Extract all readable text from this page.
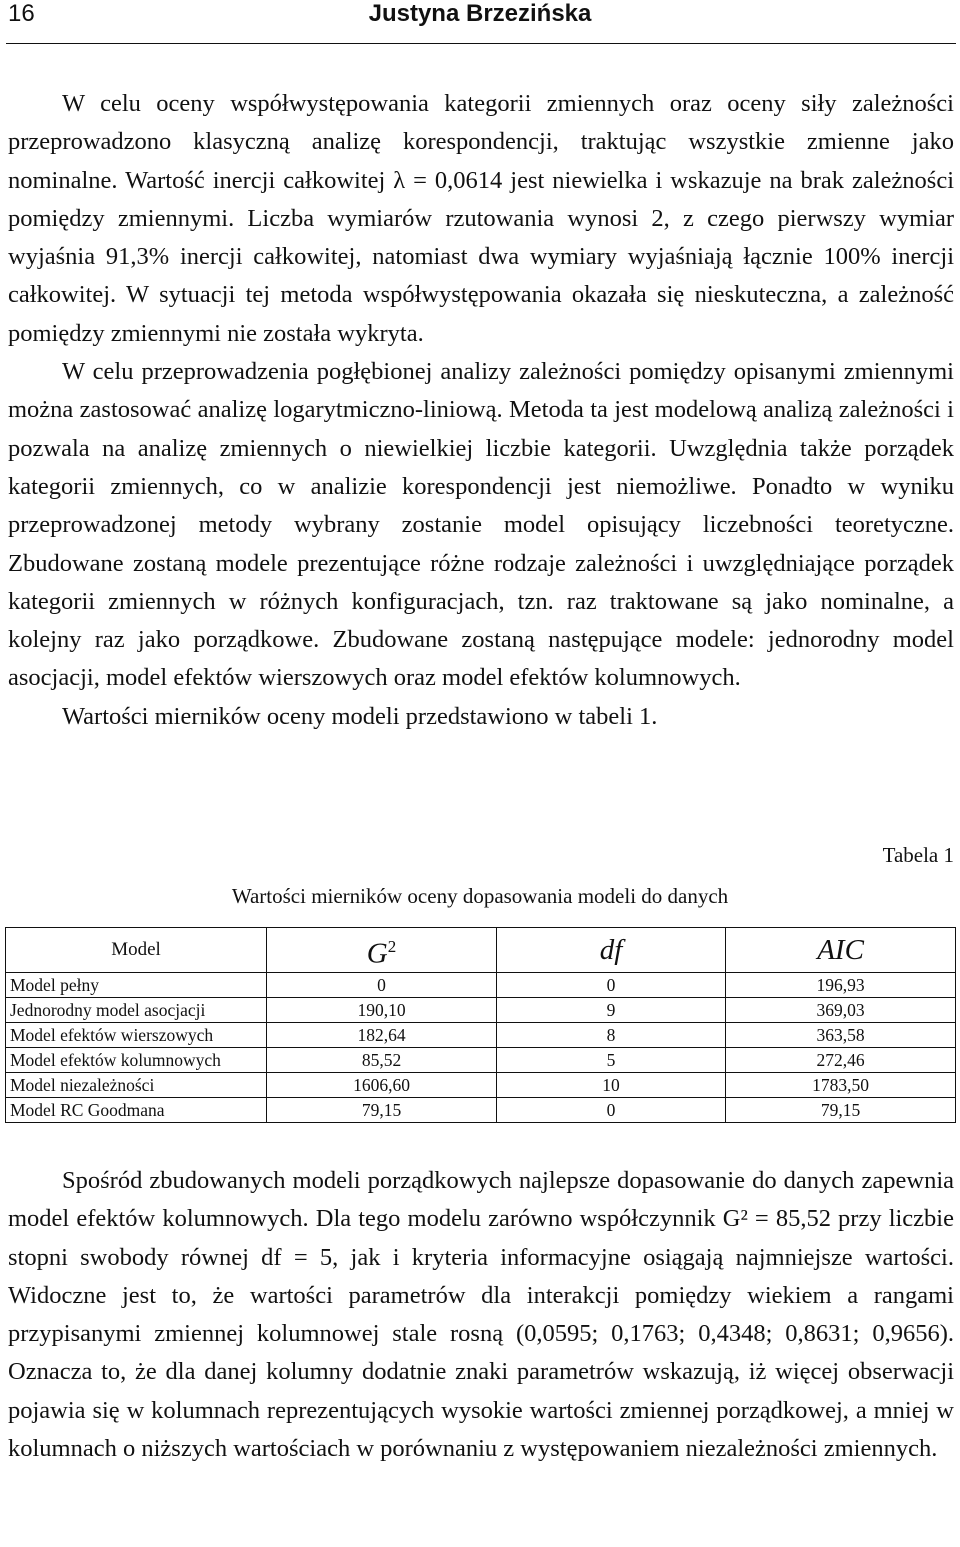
16	Justyna Brzezińska

W celu oceny współwystępowania kategorii zmiennych oraz oceny siły zależności przeprowadzono klasyczną analizę korespondencji, traktując wszystkie zmienne jako nominalne. Wartość inercji całkowitej λ = 0,0614 jest niewielka i wskazuje na brak zależności pomiędzy zmiennymi. Liczba wymiarów rzutowania wynosi 2, z czego pierwszy wymiar wyjaśnia 91,3% inercji całkowitej, natomiast dwa wymiary wyjaśniają łącznie 100% inercji całkowitej. W sytuacji tej metoda współwystępowania okazała się nieskuteczna, a zależność pomiędzy zmiennymi nie została wykryta.

W celu przeprowadzenia pogłębionej analizy zależności pomiędzy opisanymi zmiennymi można zastosować analizę logarytmiczno-liniową. Metoda ta jest modelową analizą zależności i pozwala na analizę zmiennych o niewielkiej liczbie kategorii. Uwzględnia także porządek kategorii zmiennych, co w analizie korespondencji jest niemożliwe. Ponadto w wyniku przeprowadzonej metody wybrany zostanie model opisujący liczebności teoretyczne. Zbudowane zostaną modele prezentujące różne rodzaje zależności i uwzględniające porządek kategorii zmiennych w różnych konfiguracjach, tzn. raz traktowane są jako nominalne, a kolejny raz jako porządkowe. Zbudowane zostaną następujące modele: jednorodny model asocjacji, model efektów wierszowych oraz model efektów kolumnowych.

Wartości mierników oceny modeli przedstawiono w tabeli 1.

Tabela 1
Wartości mierników oceny dopasowania modeli do danych
Model	$G^2$	df	AIC
Model pełny	0	0	196,93
Jednorodny model asocjacji	190,10	9	369,03
Model efektów wierszowych	182,64	8	363,58
Model efektów kolumnowych	85,52	5	272,46
Model niezależności	1606,60	10	1783,50
Model RC Goodmana	79,15	0	79,15

Spośród zbudowanych modeli porządkowych najlepsze dopasowanie do danych zapewnia model efektów kolumnowych. Dla tego modelu zarówno współczynnik G² = 85,52 przy liczbie stopni swobody równej df = 5, jak i kryteria informacyjne osiągają najmniejsze wartości. Widoczne jest to, że wartości parametrów dla interakcji pomiędzy wiekiem a rangami przypisanymi zmiennej kolumnowej stale rosną (0,0595; 0,1763; 0,4348; 0,8631; 0,9656). Oznacza to, że dla danej kolumny dodatnie znaki parametrów wskazują, iż więcej obserwacji pojawia się w kolumnach reprezentujących wysokie wartości zmiennej porządkowej, a mniej w kolumnach o niższych wartościach w porównaniu z występowaniem niezależności zmiennych.
